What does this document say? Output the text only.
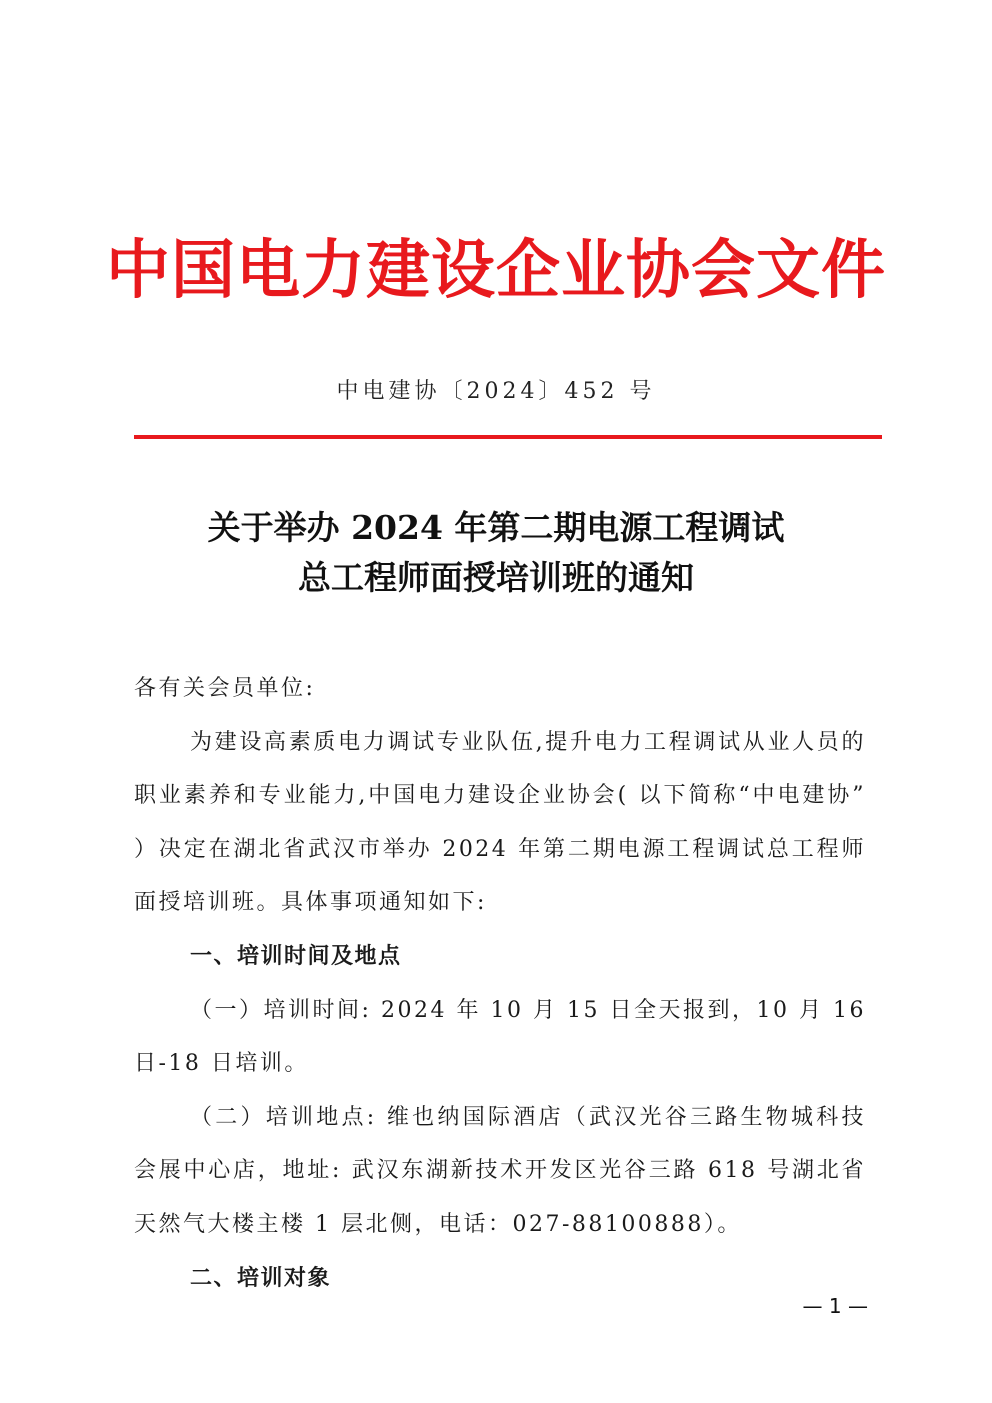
中国电力建设企业协会文件
中电建协〔2024〕452 号
关于举办 2024 年第二期电源工程调试
总工程师面授培训班的通知

各有关会员单位:

为建设高素质电力调试专业队伍,提升电力工程调试从业人员的职业素养和专业能力,中国电力建设企业协会( 以下简称“中电建协” ）决定在湖北省武汉市举办 2024 年第二期电源工程调试总工程师面授培训班。具体事项通知如下:

一、培训时间及地点

（一）培训时间: 2024 年 10 月 15 日全天报到，10 月 16 日-18 日培训。

（二）培训地点: 维也纳国际酒店（武汉光谷三路生物城科技会展中心店，地址: 武汉东湖新技术开发区光谷三路 618 号湖北省天然气大楼主楼 1 层北侧，电话：027-88100888）。

二、培训对象

— 1 —
